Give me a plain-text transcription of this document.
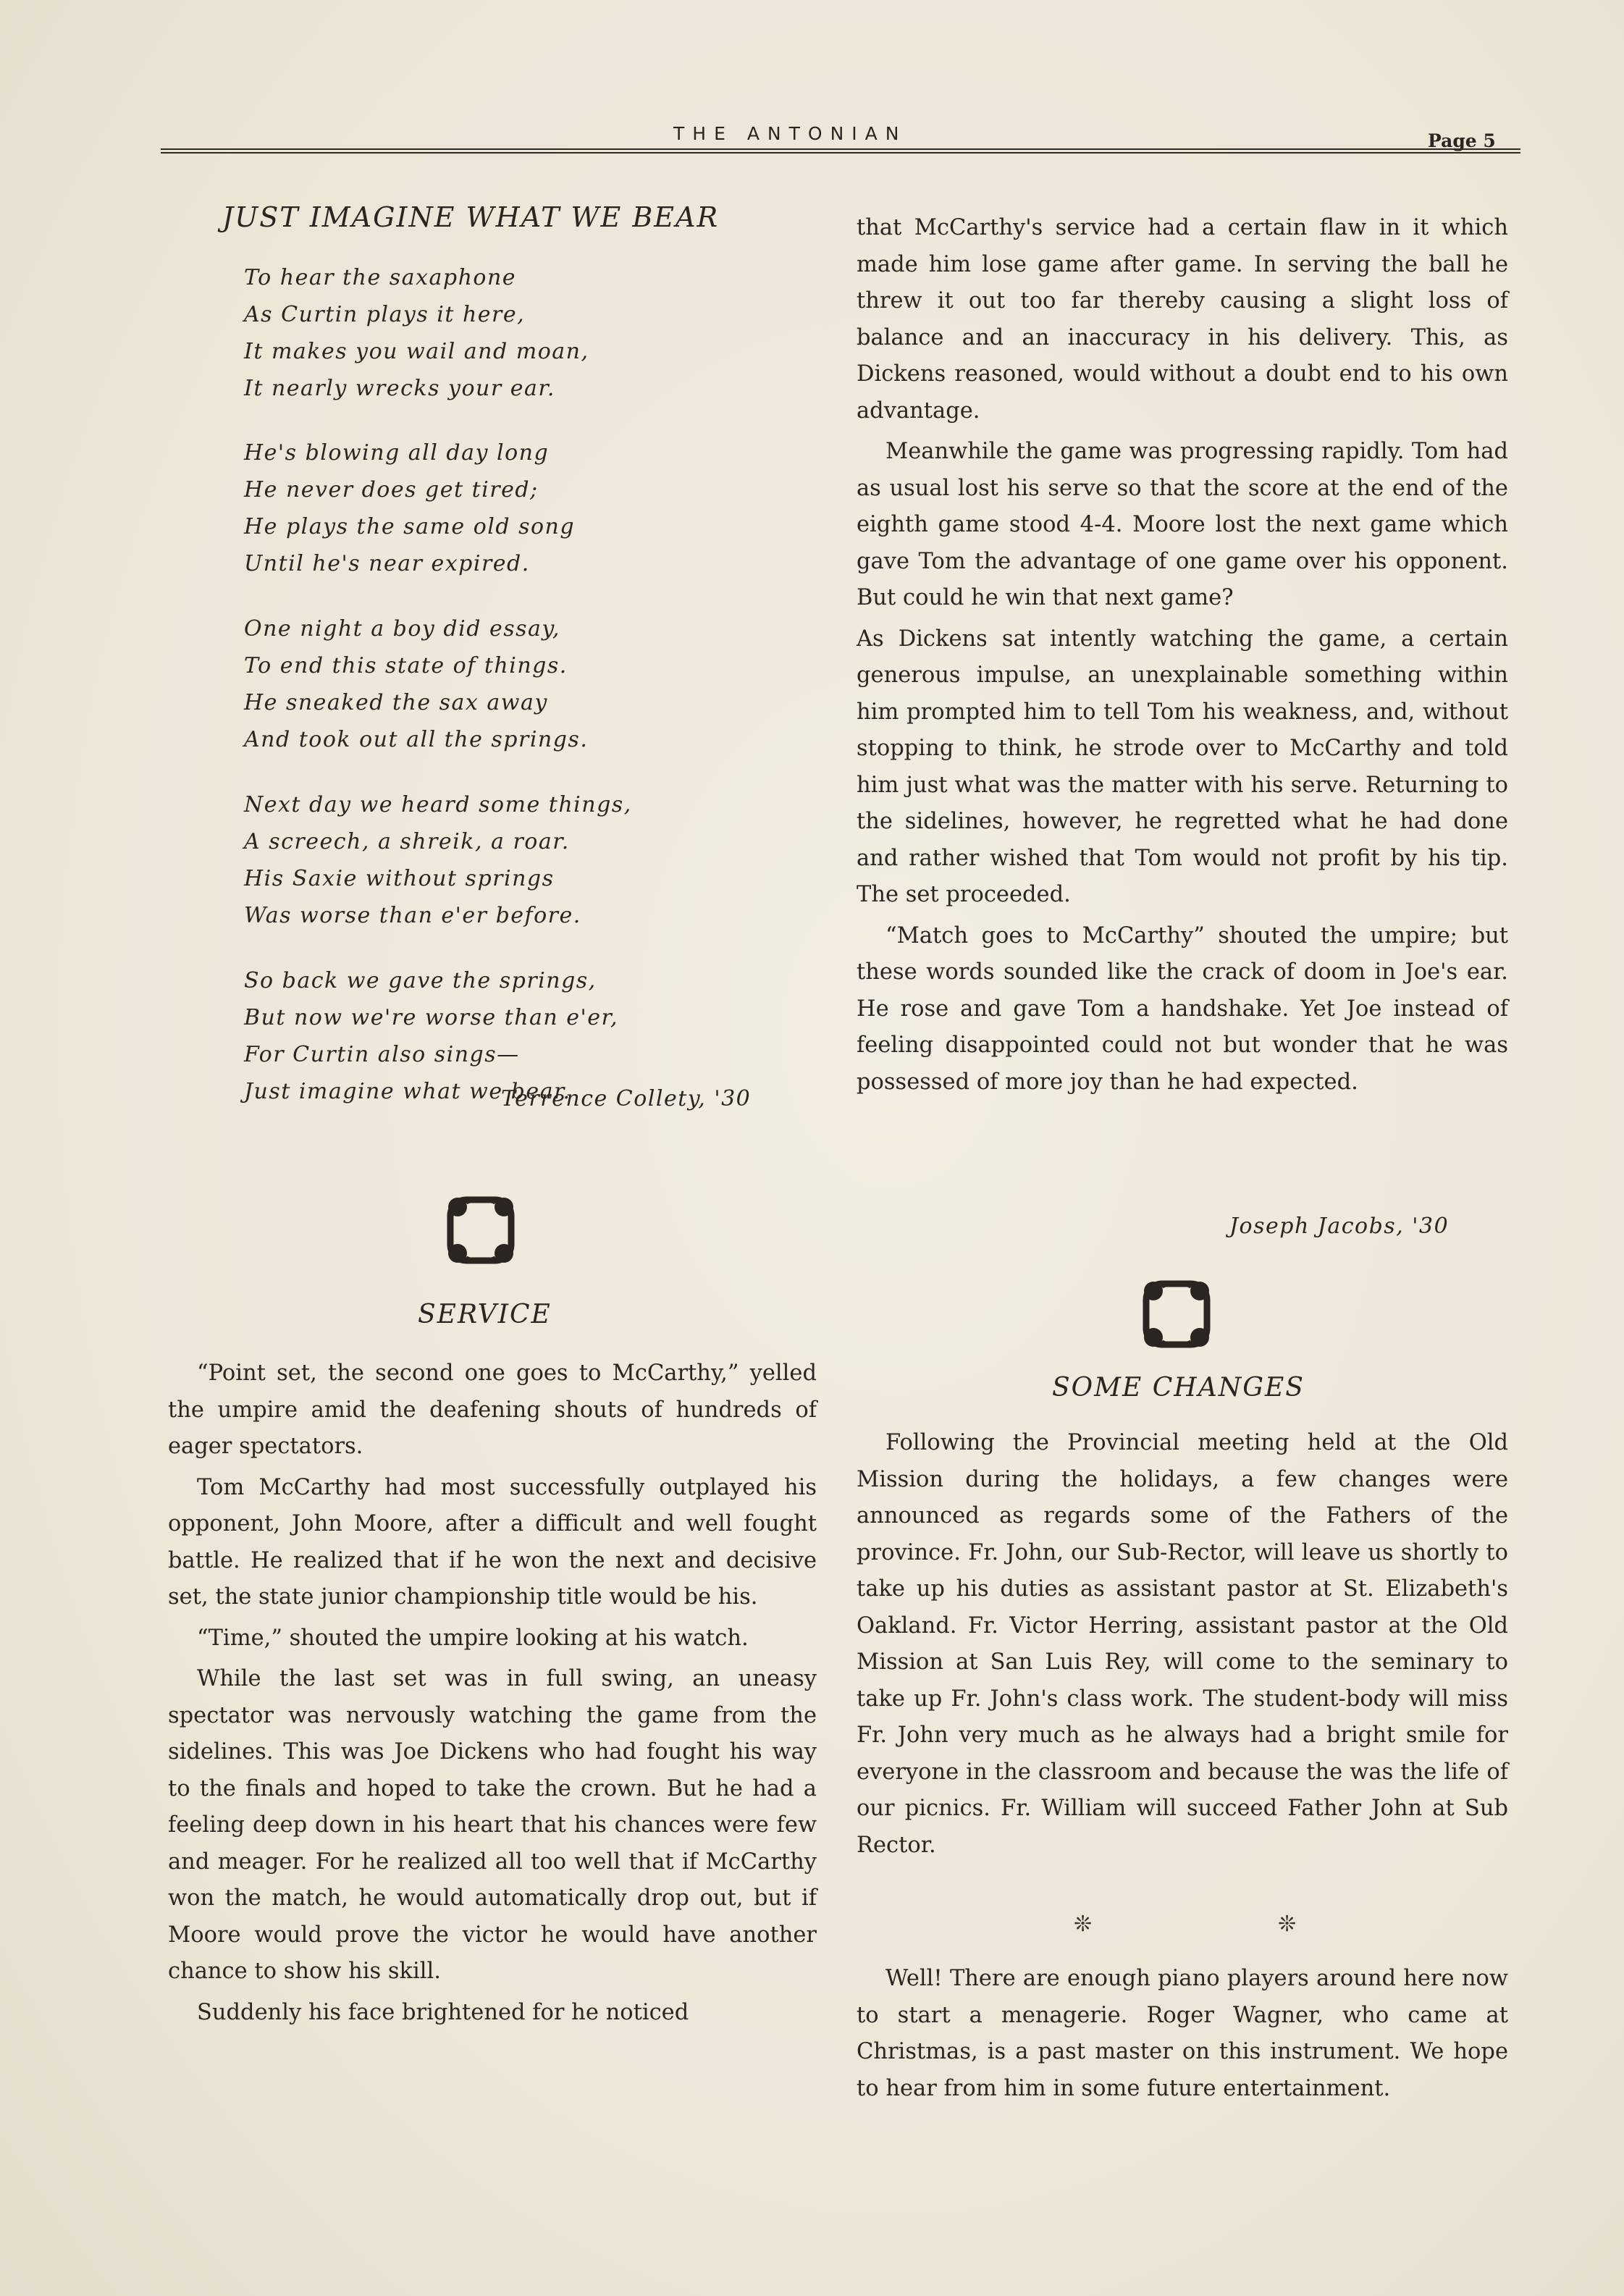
THE ANTONIAN	Page 5
JUST IMAGINE WHAT WE BEAR
To hear the saxaphone
As Curtin plays it here,
It makes you wail and moan,
It nearly wrecks your ear.
He's blowing all day long
He never does get tired;
He plays the same old song
Until he's near expired.
One night a boy did essay,
To end this state of things.
He sneaked the sax away
And took out all the springs.
Next day we heard some things,
A screech, a shreik, a roar.
His Saxie without springs
Was worse than e'er before.
So back we gave the springs,
But now we're worse than e'er,
For Curtin also sings—
Just imagine what we bear.
Terrence Collety, '30
SERVICE

“Point set, the second one goes to McCarthy,” yelled the umpire amid the deafening shouts of hundreds of eager spectators.

Tom McCarthy had most successfully outplayed his opponent, John Moore, after a difficult and well fought battle. He realized that if he won the next and decisive set, the state junior championship title would be his.

“Time,” shouted the umpire looking at his watch.

While the last set was in full swing, an uneasy spectator was nervously watching the game from the sidelines. This was Joe Dickens who had fought his way to the finals and hoped to take the crown. But he had a feeling deep down in his heart that his chances were few and meager. For he realized all too well that if McCarthy won the match, he would automatically drop out, but if Moore would prove the victor he would have another chance to show his skill.

Suddenly his face brightened for he noticed

that McCarthy's service had a certain flaw in it which made him lose game after game. In serving the ball he threw it out too far thereby causing a slight loss of balance and an inaccuracy in his delivery. This, as Dickens reasoned, would without a doubt end to his own advantage.

Meanwhile the game was progressing rapidly. Tom had as usual lost his serve so that the score at the end of the eighth game stood 4-4. Moore lost the next game which gave Tom the advantage of one game over his opponent. But could he win that next game?

As Dickens sat intently watching the game, a certain generous impulse, an unexplainable something within him prompted him to tell Tom his weakness, and, without stopping to think, he strode over to McCarthy and told him just what was the matter with his serve. Returning to the sidelines, however, he regretted what he had done and rather wished that Tom would not profit by his tip. The set proceeded.

“Match goes to McCarthy” shouted the umpire; but these words sounded like the crack of doom in Joe's ear. He rose and gave Tom a handshake. Yet Joe instead of feeling disappointed could not but wonder that he was possessed of more joy than he had expected.

Joseph Jacobs, '30
SOME CHANGES

Following the Provincial meeting held at the Old Mission during the holidays, a few changes were announced as regards some of the Fathers of the province. Fr. John, our Sub-Rector, will leave us shortly to take up his duties as assistant pastor at St. Elizabeth's Oakland. Fr. Victor Herring, assistant pastor at the Old Mission at San Luis Rey, will come to the seminary to take up Fr. John's class work. The student-body will miss Fr. John very much as he always had a bright smile for everyone in the classroom and because the was the life of our picnics. Fr. William will succeed Father John at Sub Rector.

❊	❊

Well! There are enough piano players around here now to start a menagerie. Roger Wagner, who came at Christmas, is a past master on this instrument. We hope to hear from him in some future entertainment.
